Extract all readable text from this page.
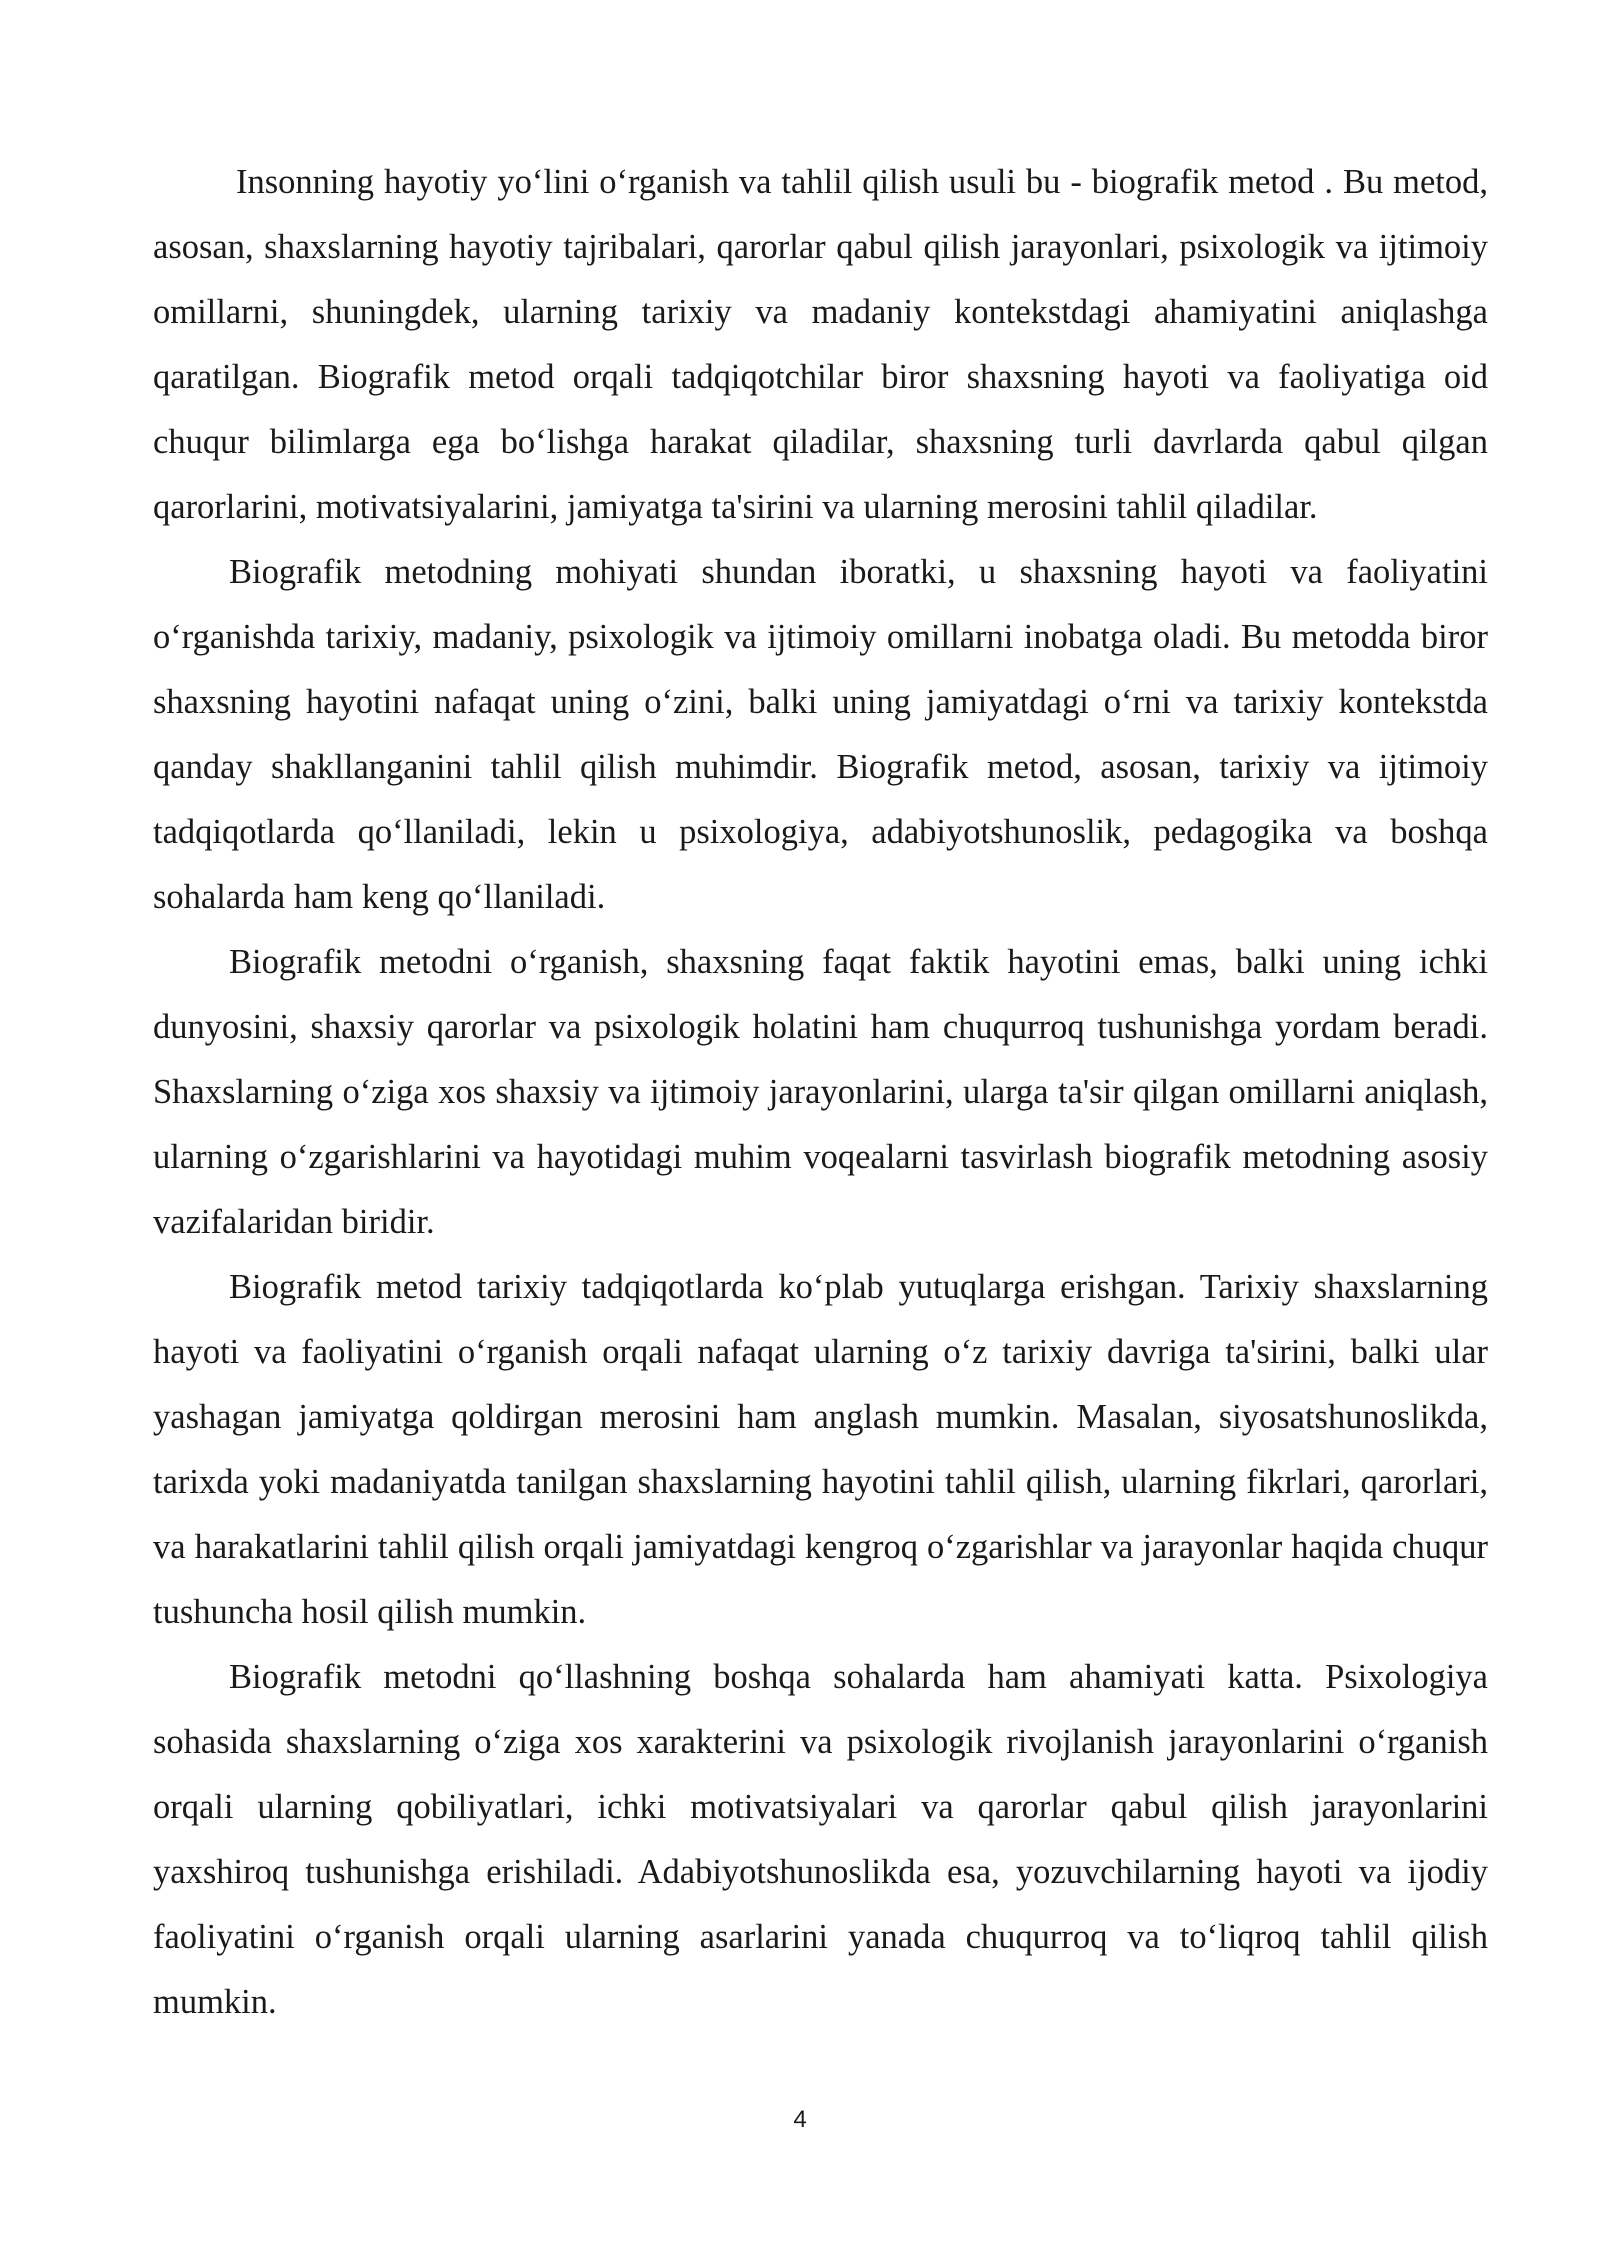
Insonning hayotiy yo‘lini o‘rganish va tahlil qilish usuli bu - biografik metod . Bu metod, asosan, shaxslarning hayotiy tajribalari, qarorlar qabul qilish jarayonlari, psixologik va ijtimoiy omillarni, shuningdek, ularning tarixiy va madaniy kontekstdagi ahamiyatini aniqlashga qaratilgan. Biografik metod orqali tadqiqotchilar biror shaxsning hayoti va faoliyatiga oid chuqur bilimlarga ega bo‘lishga harakat qiladilar, shaxsning turli davrlarda qabul qilgan qarorlarini, motivatsiyalarini, jamiyatga ta'sirini va ularning merosini tahlil qiladilar.

Biografik metodning mohiyati shundan iboratki, u shaxsning hayoti va faoliyatini o‘rganishda tarixiy, madaniy, psixologik va ijtimoiy omillarni inobatga oladi. Bu metodda biror shaxsning hayotini nafaqat uning o‘zini, balki uning jamiyatdagi o‘rni va tarixiy kontekstda qanday shakllanganini tahlil qilish muhimdir. Biografik metod, asosan, tarixiy va ijtimoiy tadqiqotlarda qo‘llaniladi, lekin u psixologiya, adabiyotshunoslik, pedagogika va boshqa sohalarda ham keng qo‘llaniladi.

Biografik metodni o‘rganish, shaxsning faqat faktik hayotini emas, balki uning ichki dunyosini, shaxsiy qarorlar va psixologik holatini ham chuqurroq tushunishga yordam beradi. Shaxslarning o‘ziga xos shaxsiy va ijtimoiy jarayonlarini, ularga ta'sir qilgan omillarni aniqlash, ularning o‘zgarishlarini va hayotidagi muhim voqealarni tasvirlash biografik metodning asosiy vazifalaridan biridir.

Biografik metod tarixiy tadqiqotlarda ko‘plab yutuqlarga erishgan. Tarixiy shaxslarning hayoti va faoliyatini o‘rganish orqali nafaqat ularning o‘z tarixiy davriga ta'sirini, balki ular yashagan jamiyatga qoldirgan merosini ham anglash mumkin. Masalan, siyosatshunoslikda, tarixda yoki madaniyatda tanilgan shaxslarning hayotini tahlil qilish, ularning fikrlari, qarorlari, va harakatlarini tahlil qilish orqali jamiyatdagi kengroq o‘zgarishlar va jarayonlar haqida chuqur tushuncha hosil qilish mumkin.

Biografik metodni qo‘llashning boshqa sohalarda ham ahamiyati katta. Psixologiya sohasida shaxslarning o‘ziga xos xarakterini va psixologik rivojlanish jarayonlarini o‘rganish orqali ularning qobiliyatlari, ichki motivatsiyalari va qarorlar qabul qilish jarayonlarini yaxshiroq tushunishga erishiladi. Adabiyotshunoslikda esa, yozuvchilarning hayoti va ijodiy faoliyatini o‘rganish orqali ularning asarlarini yanada chuqurroq va to‘liqroq tahlil qilish mumkin.

4
